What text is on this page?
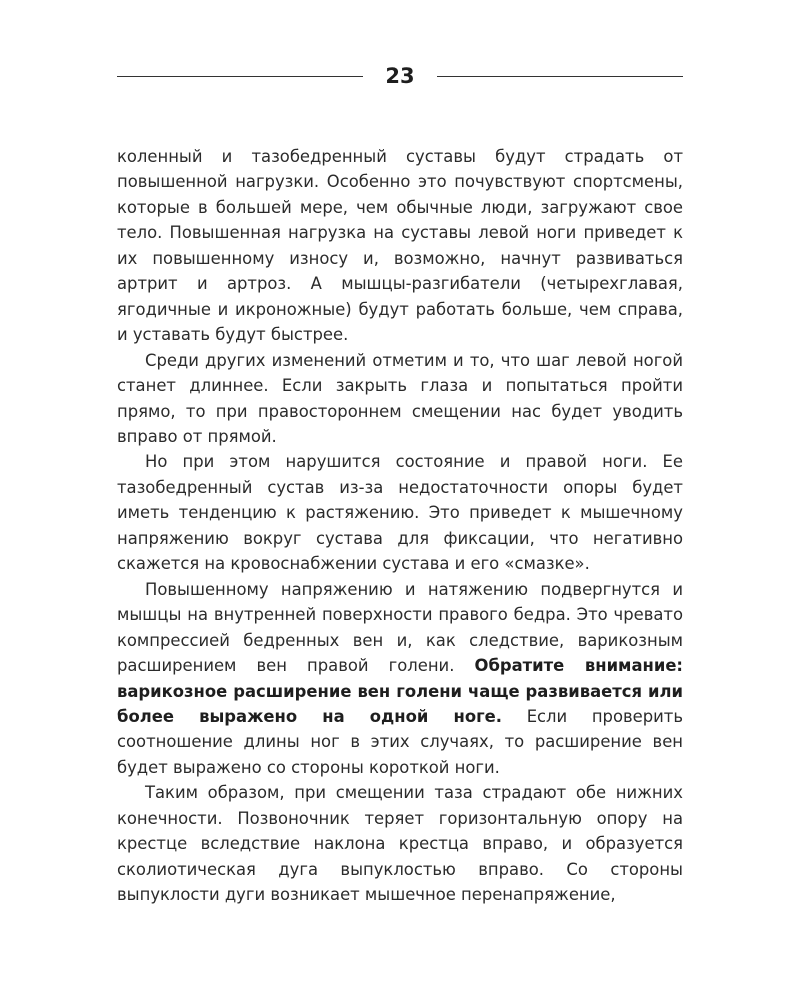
23

коленный и тазобедренный суставы будут страдать от повышенной нагрузки. Особенно это почувствуют спортсмены, которые в большей мере, чем обычные люди, загружают свое тело. Повышенная нагрузка на суставы левой ноги приведет к их повышенному износу и, возможно, начнут развиваться артрит и артроз. А мышцы-разгибатели (четырехглавая, ягодичные и икроножные) будут работать больше, чем справа, и уставать будут быстрее.

Среди других изменений отметим и то, что шаг левой ногой станет длиннее. Если закрыть глаза и попытаться пройти прямо, то при правостороннем смещении нас будет уводить вправо от прямой.

Но при этом нарушится состояние и правой ноги. Ее тазобедренный сустав из-за недостаточности опоры будет иметь тенденцию к растяжению. Это приведет к мышечному напряжению вокруг сустава для фиксации, что негативно скажется на кровоснабжении сустава и его «смазке».

Повышенному напряжению и натяжению подвергнутся и мышцы на внутренней поверхности правого бедра. Это чревато компрессией бедренных вен и, как следствие, варикозным расширением вен правой голени. Обратите внимание: варикозное расширение вен голени чаще развивается или более выражено на одной ноге. Если проверить соотношение длины ног в этих случаях, то расширение вен будет выражено со стороны короткой ноги.

Таким образом, при смещении таза страдают обе нижних конечности. Позвоночник теряет горизонтальную опору на крестце вследствие наклона крестца вправо, и образуется сколиотическая дуга выпуклостью вправо. Со стороны выпуклости дуги возникает мышечное перенапряжение,
